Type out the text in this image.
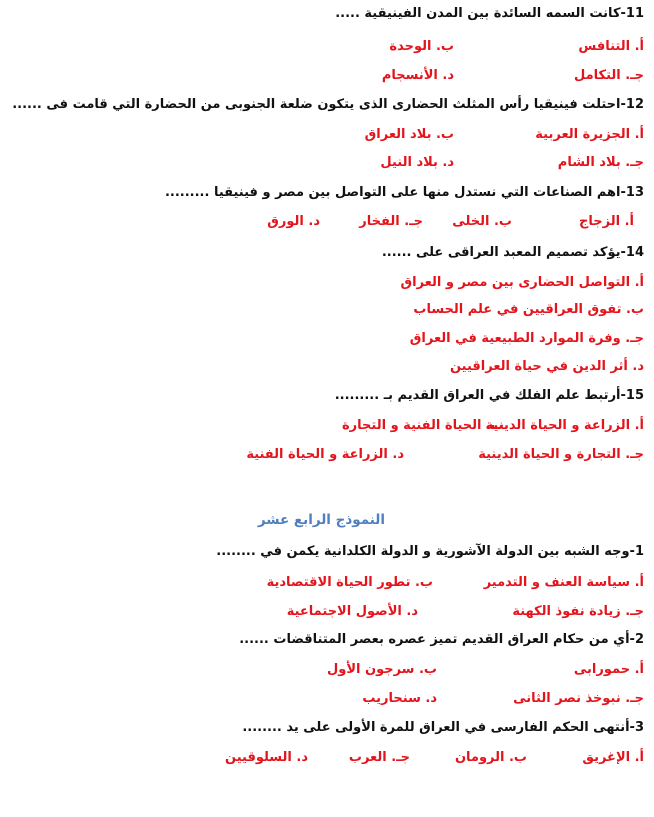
11-كانت السمه السائدة بين المدن الفينيقية .....
أ. التنافس
ب. الوحدة
جـ. التكامل
د. الأنسجام
12-احتلت فينيقيا رأس المثلث الحضارى الذى يتكون ضلعة الجنوبى من الحضارة التي قامت فى ......
أ. الجزيرة العربية
ب. بلاد العراق
جـ. بلاد الشام
د. بلاد النيل
13-اهم الصناعات التي نستدل منها على التواصل بين مصر و فينيقيا .........
أ. الزجاج
ب. الخلى
جـ. الفخار
د. الورق
14-يؤكد تصميم المعبد العراقى على ......
أ. التواصل الحضارى بين مصر و العراق
ب. تفوق العراقيين في علم الحساب
جـ. وفرة الموارد الطبيعية في العراق
د. أثر الدين في حياة العراقيين
15-أرتبط علم الفلك في العراق القديم بـ .........
أ. الزراعة و الحياة الدينية
ب. الحياة الفنية و التجارة
جـ. التجارة و الحياة الدينية
د. الزراعة و الحياة الفنية
النموذج الرابع عشر
1-وجه الشبه بين الدولة الآشورية و الدولة الكلدانية يكمن في ........
أ. سياسة العنف و التدمير
ب. تطور الحياة الاقتصادية
جـ. زيادة نفوذ الكهنة
د. الأصول الاجتماعية
2-أي من حكام العراق القديم تميز عصره بعصر المتناقضات ......
أ. حمورابى
ب. سرجون الأول
جـ. نبوخذ نصر الثانى
د. سنحاريب
3-أنتهى الحكم الفارسى في العراق للمرة الأولى على يد ........
أ. الإغريق
ب. الرومان
جـ. العرب
د. السلوقيين
